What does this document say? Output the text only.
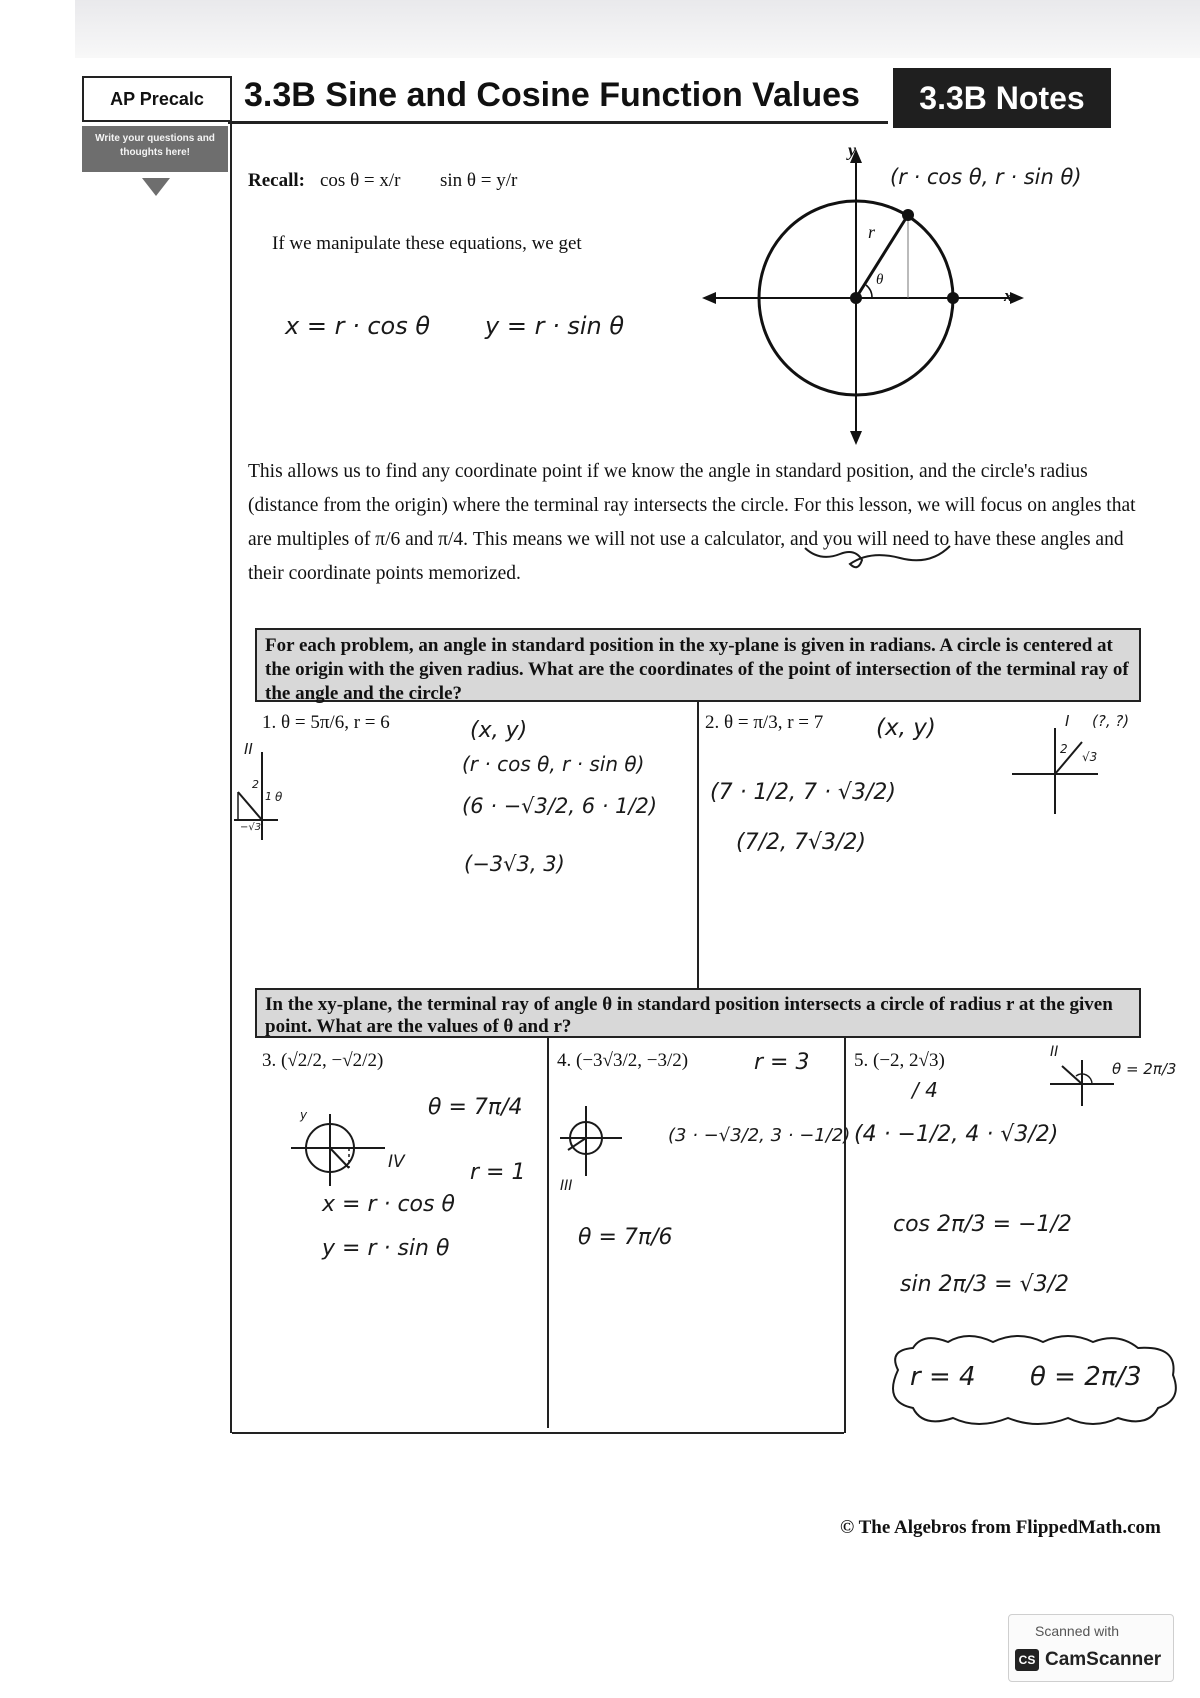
AP Precalc	3.3B Sine and Cosine Function Values	3.3B Notes
Write your questions and thoughts here!
Recall: cos θ = x/r sin θ = y/r
If we manipulate these equations, we get
x = r · cos θ y = r · sin θ
y
x
r
θ
(r · cos θ, r · sin θ)
This allows us to find any coordinate point if we know the angle in standard position, and the circle's radius (distance from the origin) where the terminal ray intersects the circle. For this lesson, we will focus on angles that are multiples of π/6 and π/4. This means we will not use a calculator, and you will need to have these angles and their coordinate points memorized.
For each problem, an angle in standard position in the xy-plane is given in radians. A circle is centered at the origin with the given radius. What are the coordinates of the point of intersection of the terminal ray of the angle and the circle?
1. θ = 5π/6, r = 6	(x, y)
(r · cos θ, r · sin θ)
(6 · −√3/2, 6 · 1/2)
(−3√3, 3)
II
2
1 θ
−√3
2. θ = π/3, r = 7 (x, y)
(7 · 1/2, 7 · √3/2)
(7/2, 7√3/2)
I (?, ?)
2
√3
In the xy-plane, the terminal ray of angle θ in standard position intersects a circle of radius r at the given point. What are the values of θ and r?
3. (√2/2, −√2/2)
θ = 7π/4
r = 1
x = r · cos θ
y = r · sin θ
y
IV
4. (−3√3/2, −3/2)	r = 3
(3 · −√3/2, 3 · −1/2)
θ = 7π/6
III
5. (−2, 2√3)
/ 4
(4 · −1/2, 4 · √3/2)
cos 2π/3 = −1/2
sin 2π/3 = √3/2
r = 4 θ = 2π/3
II
θ = 2π/3
© The Algebros from FlippedMath.com
Scanned with
CS CamScanner
